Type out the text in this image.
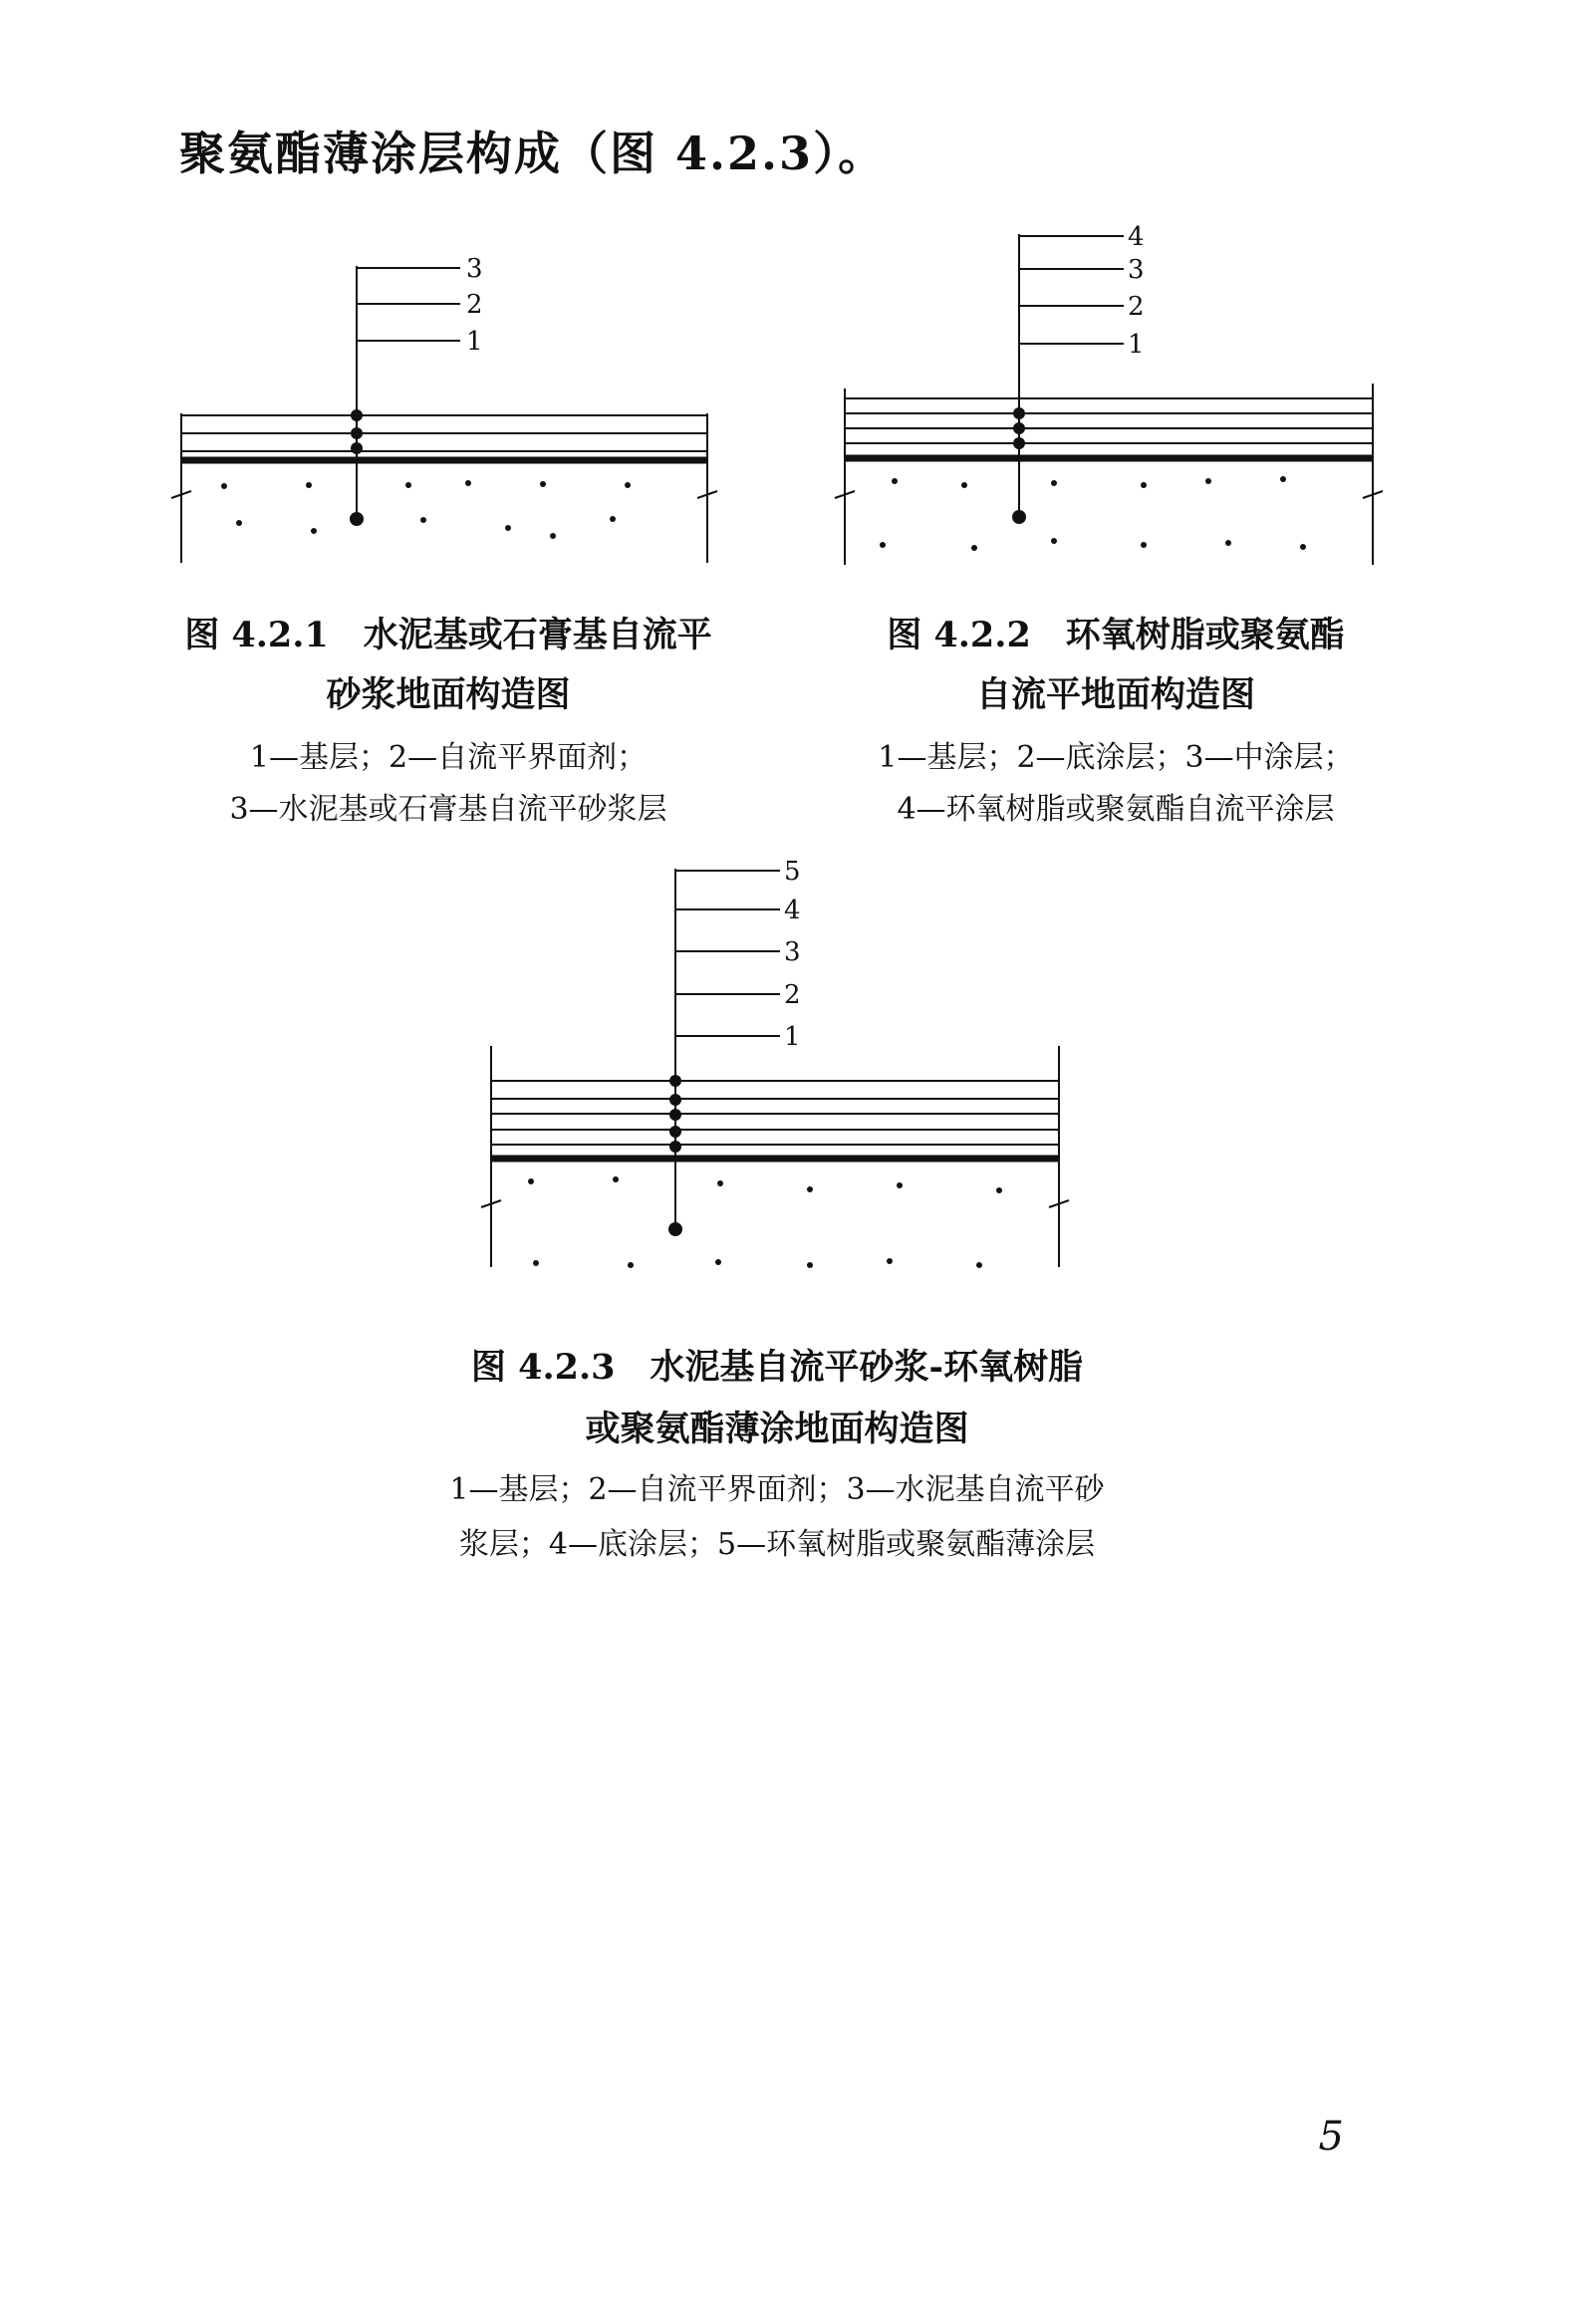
聚氨酯薄涂层构成（图 4.2.3）。
3
2
1
图 4.2.1　水泥基或石膏基自流平
砂浆地面构造图
1—基层；2—自流平界面剂；
3—水泥基或石膏基自流平砂浆层
4
3
2
1
图 4.2.2　环氧树脂或聚氨酯
自流平地面构造图
1—基层；2—底涂层；3—中涂层；
4—环氧树脂或聚氨酯自流平涂层
5
4
3
2
1
图 4.2.3　水泥基自流平砂浆-环氧树脂
或聚氨酯薄涂地面构造图
1—基层；2—自流平界面剂；3—水泥基自流平砂
浆层；4—底涂层；5—环氧树脂或聚氨酯薄涂层
5
